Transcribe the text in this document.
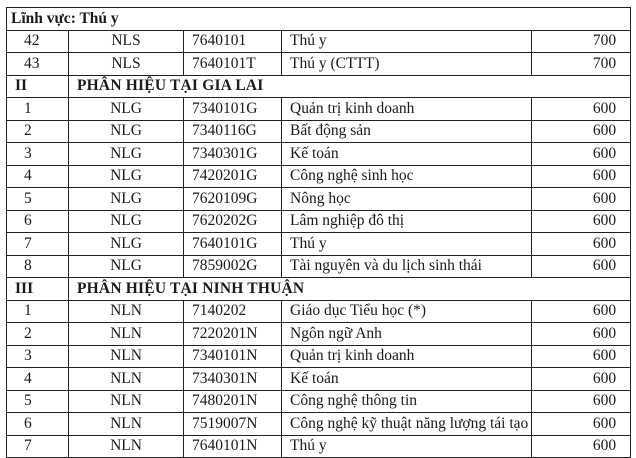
Lĩnh vực: Thú y				
42	NLS	7640101	Thú y	700
43	NLS	7640101T	Thú y (CTTT)	700
II	PHÂN HIỆU TẠI GIA LAI			
1	NLG	7340101G	Quản trị kinh doanh	600
2	NLG	7340116G	Bất động sản	600
3	NLG	7340301G	Kế toán	600
4	NLG	7420201G	Công nghệ sinh học	600
5	NLG	7620109G	Nông học	600
6	NLG	7620202G	Lâm nghiệp đô thị	600
7	NLG	7640101G	Thú y	600
8	NLG	7859002G	Tài nguyên và du lịch sinh thái	600
III	PHÂN HIỆU TẠI NINH THUẬN			
1	NLN	7140202	Giáo dục Tiểu học (*)	600
2	NLN	7220201N	Ngôn ngữ Anh	600
3	NLN	7340101N	Quản trị kinh doanh	600
4	NLN	7340301N	Kế toán	600
5	NLN	7480201N	Công nghệ thông tin	600
6	NLN	7519007N	Công nghệ kỹ thuật năng lượng tái tạo	600
7	NLN	7640101N	Thú y	600
